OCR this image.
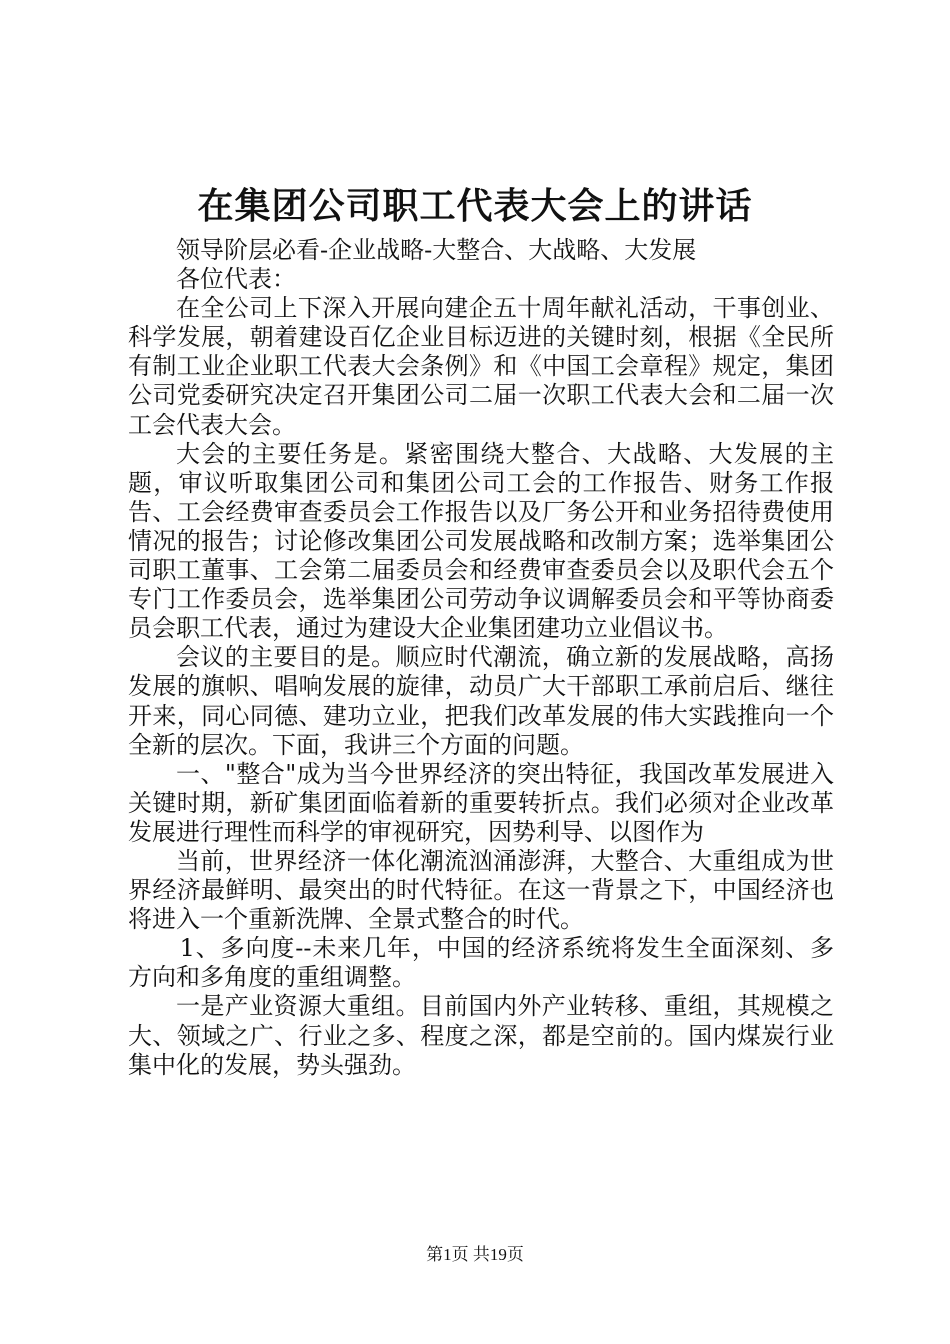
在集团公司职工代表大会上的讲话

领导阶层必看-企业战略-大整合、大战略、大发展

各位代表：

在全公司上下深入开展向建企五十周年献礼活动，干事创业、科学发展，朝着建设百亿企业目标迈进的关键时刻，根据《全民所有制工业企业职工代表大会条例》和《中国工会章程》规定，集团公司党委研究决定召开集团公司二届一次职工代表大会和二届一次工会代表大会。

大会的主要任务是。紧密围绕大整合、大战略、大发展的主题，审议听取集团公司和集团公司工会的工作报告、财务工作报告、工会经费审查委员会工作报告以及厂务公开和业务招待费使用情况的报告；讨论修改集团公司发展战略和改制方案；选举集团公司职工董事、工会第二届委员会和经费审查委员会以及职代会五个专门工作委员会，选举集团公司劳动争议调解委员会和平等协商委员会职工代表，通过为建设大企业集团建功立业倡议书。

会议的主要目的是。顺应时代潮流，确立新的发展战略，高扬发展的旗帜、唱响发展的旋律，动员广大干部职工承前启后、继往开来，同心同德、建功立业，把我们改革发展的伟大实践推向一个全新的层次。下面，我讲三个方面的问题。

一、"整合"成为当今世界经济的突出特征，我国改革发展进入关键时期，新矿集团面临着新的重要转折点。我们必须对企业改革发展进行理性而科学的审视研究，因势利导、以图作为

当前，世界经济一体化潮流汹涌澎湃，大整合、大重组成为世界经济最鲜明、最突出的时代特征。在这一背景之下，中国经济也将进入一个重新洗牌、全景式整合的时代。

1、多向度--未来几年，中国的经济系统将发生全面深刻、多方向和多角度的重组调整。

一是产业资源大重组。目前国内外产业转移、重组，其规模之大、领域之广、行业之多、程度之深，都是空前的。国内煤炭行业集中化的发展，势头强劲。

第1页 共19页
